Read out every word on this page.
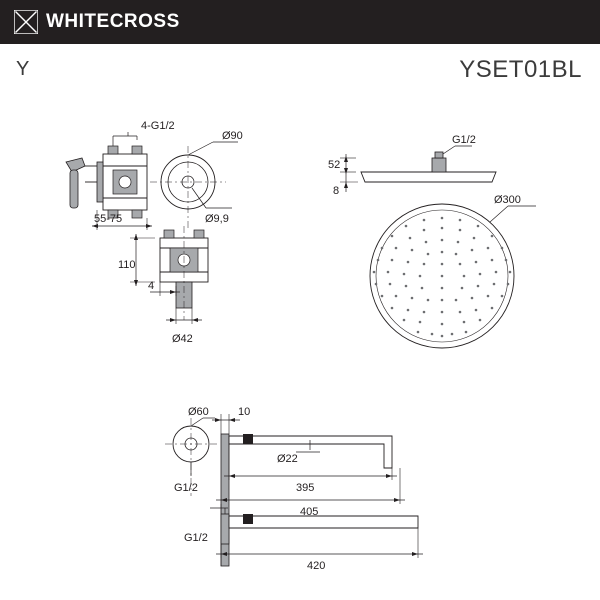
WHITECROSS
Y	YSET01BL
4-G1/2
Ø90
Ø9,9
55-75
110
4
Ø42
G1/2
52
8
Ø300
Ø60	10
Ø22
G1/2	395
405
G1/2
420
